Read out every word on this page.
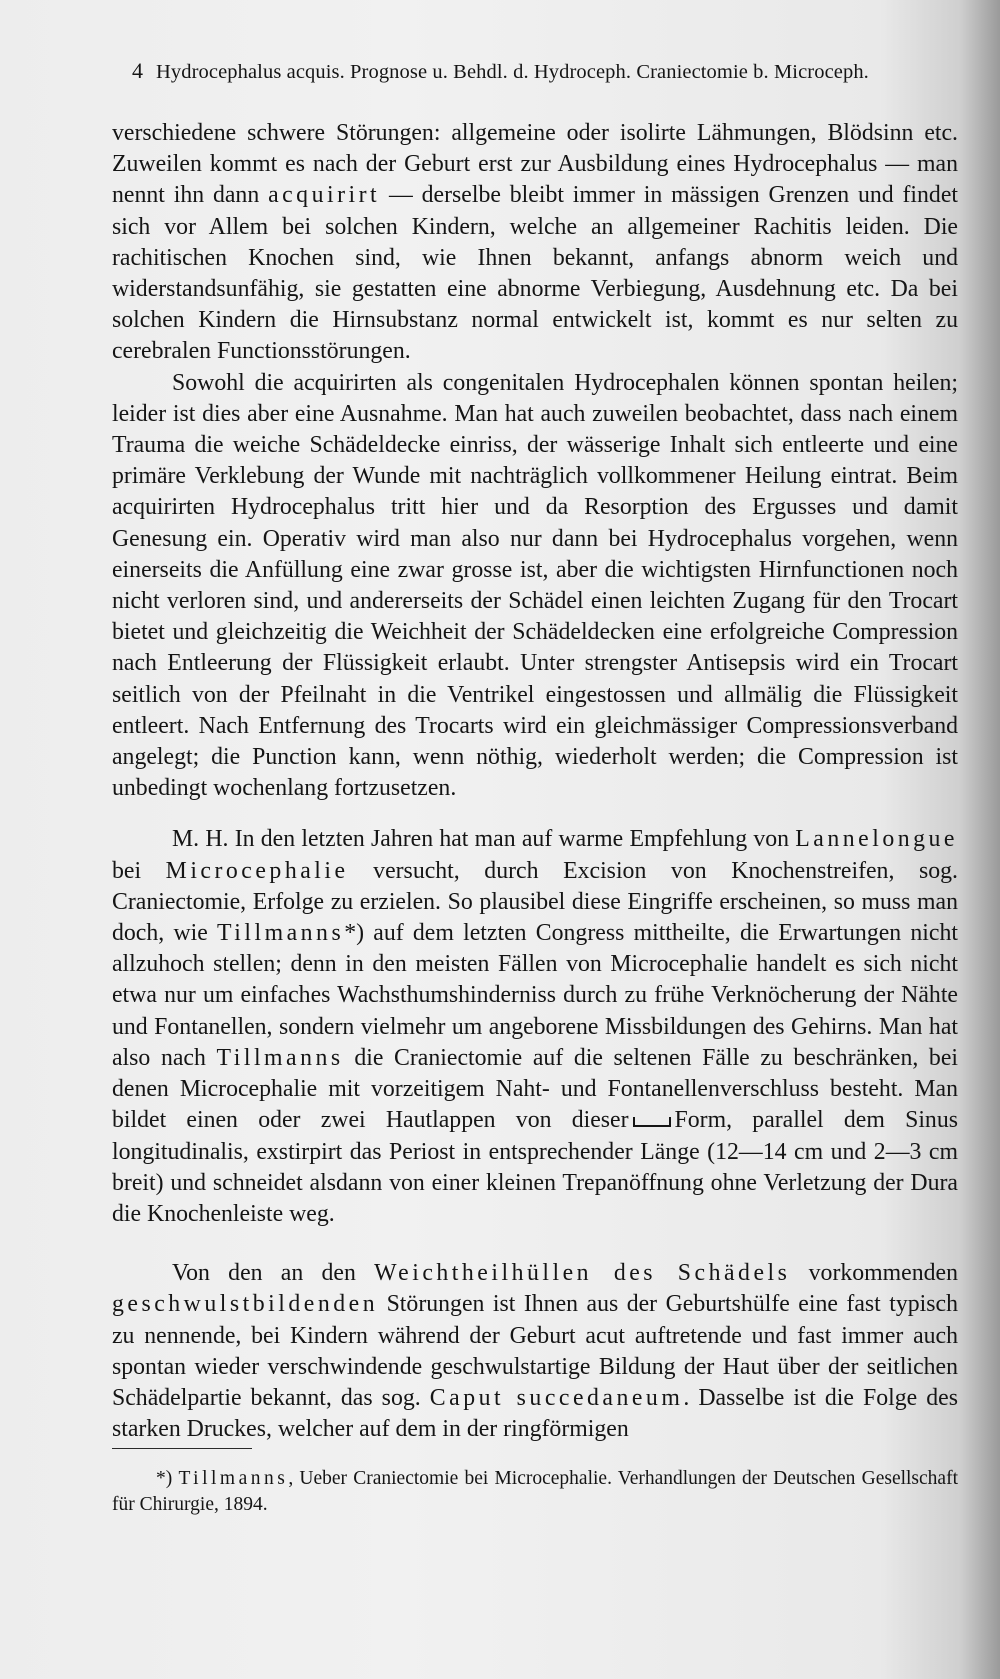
4 Hydrocephalus acquis. Prognose u. Behdl. d. Hydroceph. Craniectomie b. Microceph.

verschiedene schwere Störungen: allgemeine oder isolirte Lähmungen, Blödsinn etc. Zuweilen kommt es nach der Geburt erst zur Ausbildung eines Hydrocephalus — man nennt ihn dann acquirirt — derselbe bleibt immer in mässigen Grenzen und findet sich vor Allem bei solchen Kindern, welche an allgemeiner Rachitis leiden. Die rachitischen Knochen sind, wie Ihnen bekannt, anfangs abnorm weich und widerstandsunfähig, sie gestatten eine abnorme Verbiegung, Ausdehnung etc. Da bei solchen Kindern die Hirnsubstanz normal entwickelt ist, kommt es nur selten zu cerebralen Functionsstörungen.

Sowohl die acquirirten als congenitalen Hydrocephalen können spontan heilen; leider ist dies aber eine Ausnahme. Man hat auch zuweilen beobachtet, dass nach einem Trauma die weiche Schädeldecke einriss, der wässerige Inhalt sich entleerte und eine primäre Verklebung der Wunde mit nachträglich vollkommener Heilung eintrat. Beim acquirirten Hydrocephalus tritt hier und da Resorption des Ergusses und damit Genesung ein. Operativ wird man also nur dann bei Hydrocephalus vorgehen, wenn einerseits die Anfüllung eine zwar grosse ist, aber die wichtigsten Hirnfunctionen noch nicht verloren sind, und andererseits der Schädel einen leichten Zugang für den Trocart bietet und gleichzeitig die Weichheit der Schädeldecken eine erfolgreiche Compression nach Entleerung der Flüssigkeit erlaubt. Unter strengster Antisepsis wird ein Trocart seitlich von der Pfeilnaht in die Ventrikel eingestossen und allmälig die Flüssigkeit entleert. Nach Entfernung des Trocarts wird ein gleichmässiger Compressionsverband angelegt; die Punction kann, wenn nöthig, wiederholt werden; die Compression ist unbedingt wochenlang fortzusetzen.

M. H. In den letzten Jahren hat man auf warme Empfehlung von Lannelongue bei Microcephalie versucht, durch Excision von Knochenstreifen, sog. Craniectomie, Erfolge zu erzielen. So plausibel diese Eingriffe erscheinen, so muss man doch, wie Tillmanns*) auf dem letzten Congress mittheilte, die Erwartungen nicht allzuhoch stellen; denn in den meisten Fällen von Microcephalie handelt es sich nicht etwa nur um einfaches Wachsthumshinderniss durch zu frühe Verknöcherung der Nähte und Fontanellen, sondern vielmehr um angeborene Missbildungen des Gehirns. Man hat also nach Tillmanns die Craniectomie auf die seltenen Fälle zu beschränken, bei denen Microcephalie mit vorzeitigem Naht- und Fontanellenverschluss besteht. Man bildet einen oder zwei Hautlappen von dieser Form, parallel dem Sinus longitudinalis, exstirpirt das Periost in entsprechender Länge (12—14 cm und 2—3 cm breit) und schneidet alsdann von einer kleinen Trepanöffnung ohne Verletzung der Dura die Knochenleiste weg.

Von den an den Weichtheilhüllen des Schädels vorkommenden geschwulstbildenden Störungen ist Ihnen aus der Geburtshülfe eine fast typisch zu nennende, bei Kindern während der Geburt acut auftretende und fast immer auch spontan wieder verschwindende geschwulstartige Bildung der Haut über der seitlichen Schädelpartie bekannt, das sog. Caput succedaneum. Dasselbe ist die Folge des starken Druckes, welcher auf dem in der ringförmigen

*) Tillmanns, Ueber Craniectomie bei Microcephalie. Verhandlungen der Deutschen Gesellschaft für Chirurgie, 1894.
